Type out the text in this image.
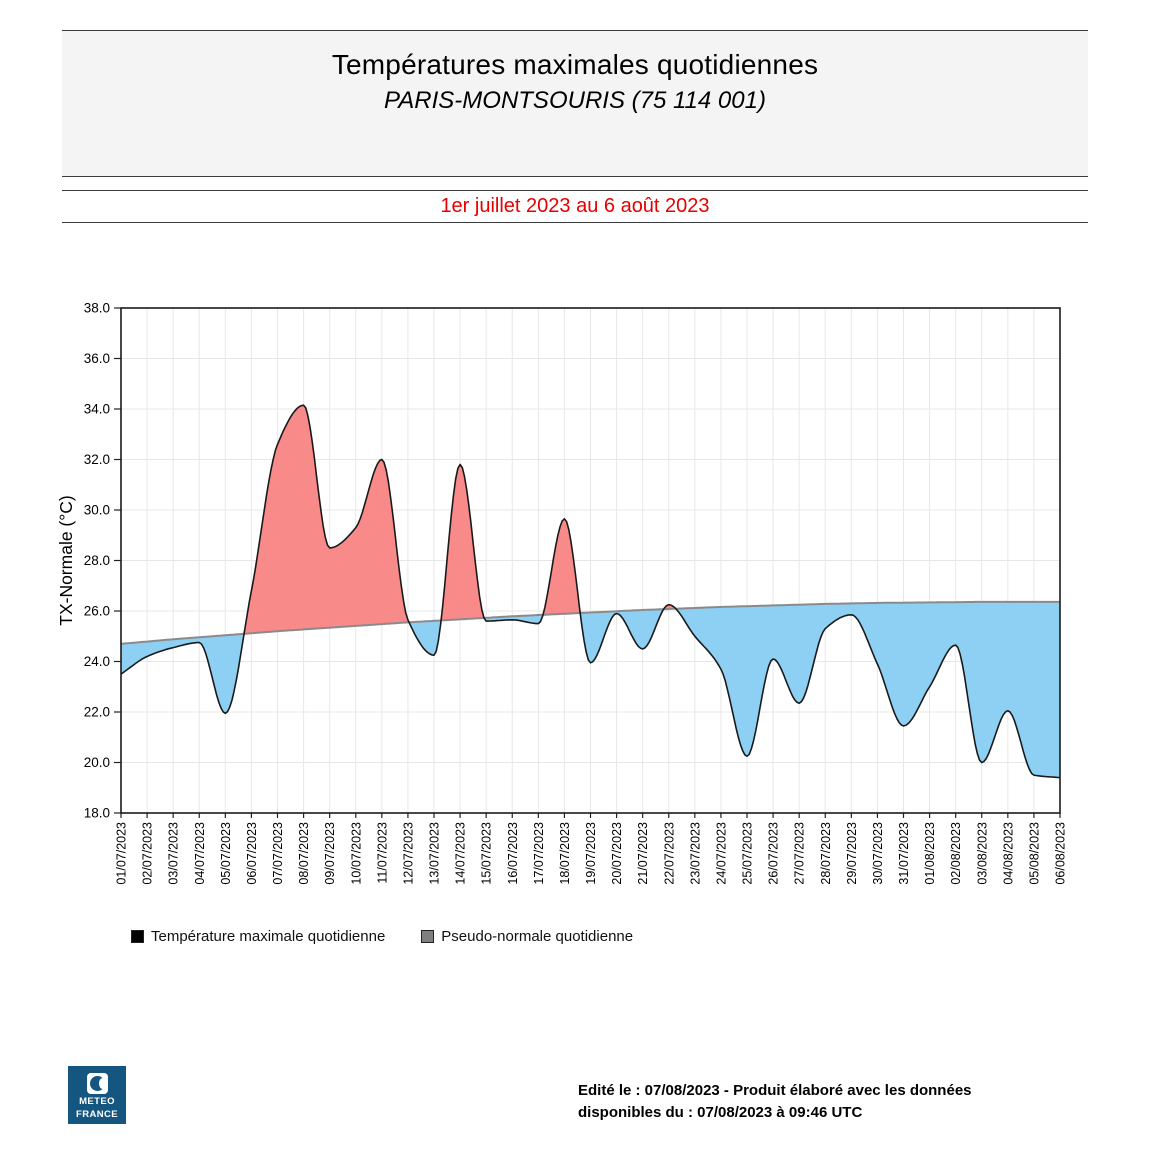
Températures maximales quotidiennes
PARIS-MONTSOURIS (75 114 001)
1er juillet 2023 au 6 août 2023
18.0
20.0
22.0
24.0
26.0
28.0
30.0
32.0
34.0
36.0
38.0
01/07/2023 02/07/2023 03/07/2023 04/07/2023 05/07/2023 06/07/2023 07/07/2023 08/07/2023 09/07/2023 10/07/2023 11/07/2023 12/07/2023 13/07/2023 14/07/2023 15/07/2023 16/07/2023 17/07/2023 18/07/2023 19/07/2023 20/07/2023 21/07/2023 22/07/2023 23/07/2023 24/07/2023 25/07/2023 26/07/2023 27/07/2023 28/07/2023 29/07/2023 30/07/2023 31/07/2023 01/08/2023 02/08/2023 03/08/2023 04/08/2023 05/08/2023 06/08/2023
TX-Normale (°C)
Température maximale quotidienne	Pseudo-normale quotidienne
METEO
FRANCE
Edité le : 07/08/2023 - Produit élaboré avec les données
disponibles du : 07/08/2023 à 09:46 UTC
